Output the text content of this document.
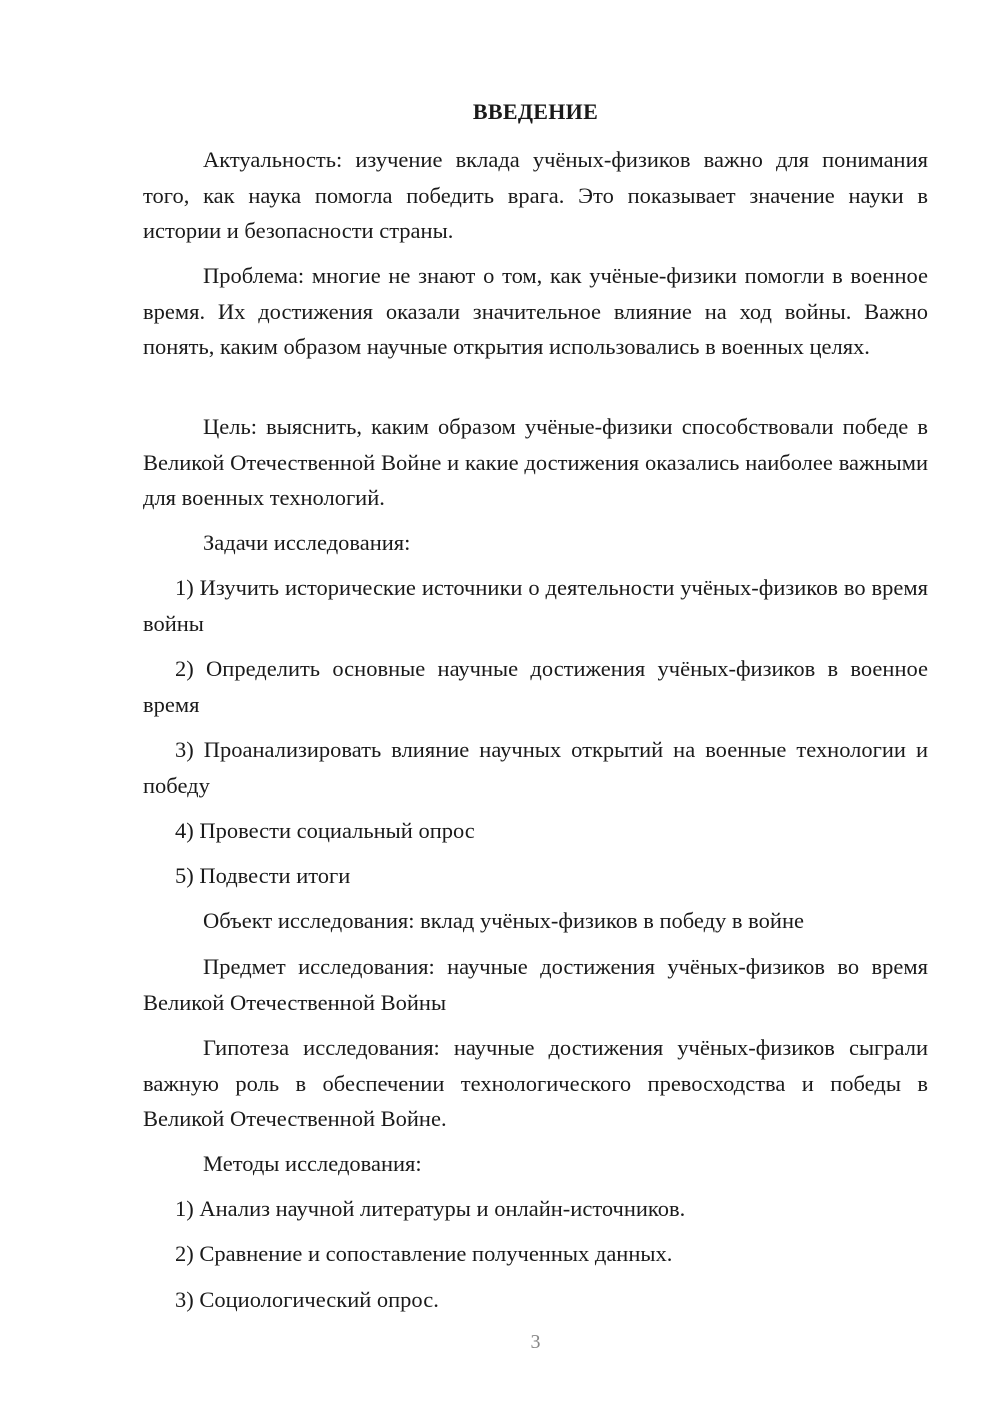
ВВЕДЕНИЕ

Актуальность: изучение вклада учёных-физиков важно для понимания того, как наука помогла победить врага. Это показывает значение науки в истории и безопасности страны.

Проблема: многие не знают о том, как учёные-физики помогли в военное время. Их достижения оказали значительное влияние на ход войны. Важно понять, каким образом научные открытия использовались в военных целях.

Цель: выяснить, каким образом учёные-физики способствовали победе в Великой Отечественной Войне и какие достижения оказались наиболее важными для военных технологий.

Задачи исследования:

1) Изучить исторические источники о деятельности учёных-физиков во время войны

2) Определить основные научные достижения учёных-физиков в военное время

3) Проанализировать влияние научных открытий на военные технологии и победу

4) Провести социальный опрос

5) Подвести итоги

Объект исследования: вклад учёных-физиков в победу в войне

Предмет исследования: научные достижения учёных-физиков во время Великой Отечественной Войны

Гипотеза исследования: научные достижения учёных-физиков сыграли важную роль в обеспечении технологического превосходства и победы в Великой Отечественной Войне.

Методы исследования:

1) Анализ научной литературы и онлайн-источников.

2) Сравнение и сопоставление полученных данных.

3) Социологический опрос.

3
